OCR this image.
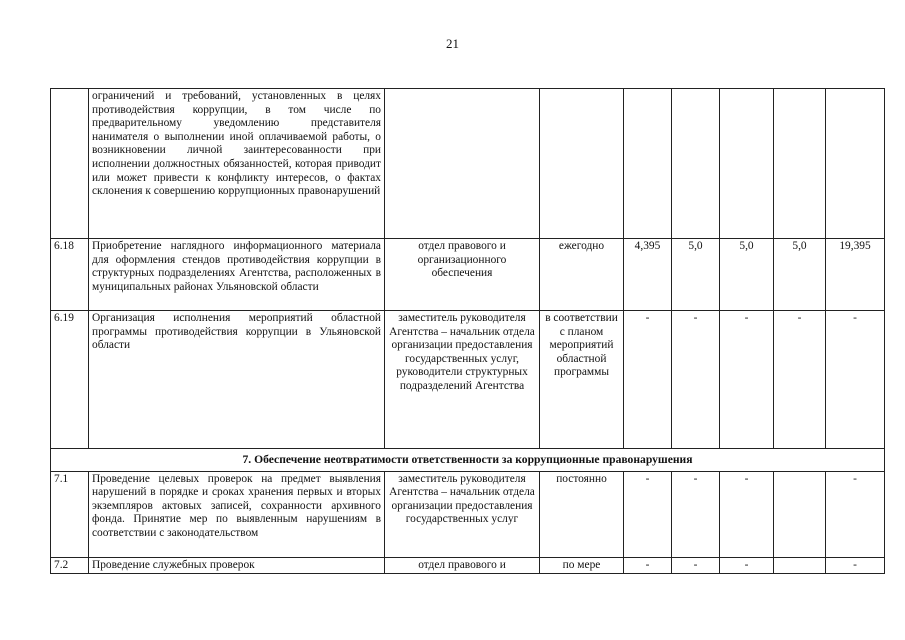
21
	ограничений и требований, установленных в целях противодействия коррупции, в том числе по предварительному уведомлению представителя нанимателя о выполнении иной оплачиваемой работы, о возникновении личной заинтересованности при исполнении должностных обязанностей, которая приводит или может привести к конфликту интересов, о фактах склонения к совершению коррупционных правонарушений							
6.18	Приобретение наглядного информационного материала для оформления стендов противодействия коррупции в структурных подразделениях Агентства, расположенных в муниципальных районах Ульяновской области	отдел правового и организационного обеспечения	ежегодно	4,395	5,0	5,0	5,0	19,395
6.19	Организация исполнения мероприятий областной программы противодействия коррупции в Ульяновской области	заместитель руководителя Агентства – начальник отдела организации предоставления государственных услуг, руководители структурных подразделений Агентства	в соответствии с планом мероприятий областной программы	-	-	-	-	-
7. Обеспечение неотвратимости ответственности за коррупционные правонарушения								
7.1	Проведение целевых проверок на предмет выявления нарушений в порядке и сроках хранения первых и вторых экземпляров актовых записей, сохранности архивного фонда. Принятие мер по выявленным нарушениям в соответствии с законодательством	заместитель руководителя Агентства – начальник отдела организации предоставления государственных услуг	постоянно	-	-	-		-
7.2	Проведение служебных проверок	отдел правового и	по мере	-	-	-		-
